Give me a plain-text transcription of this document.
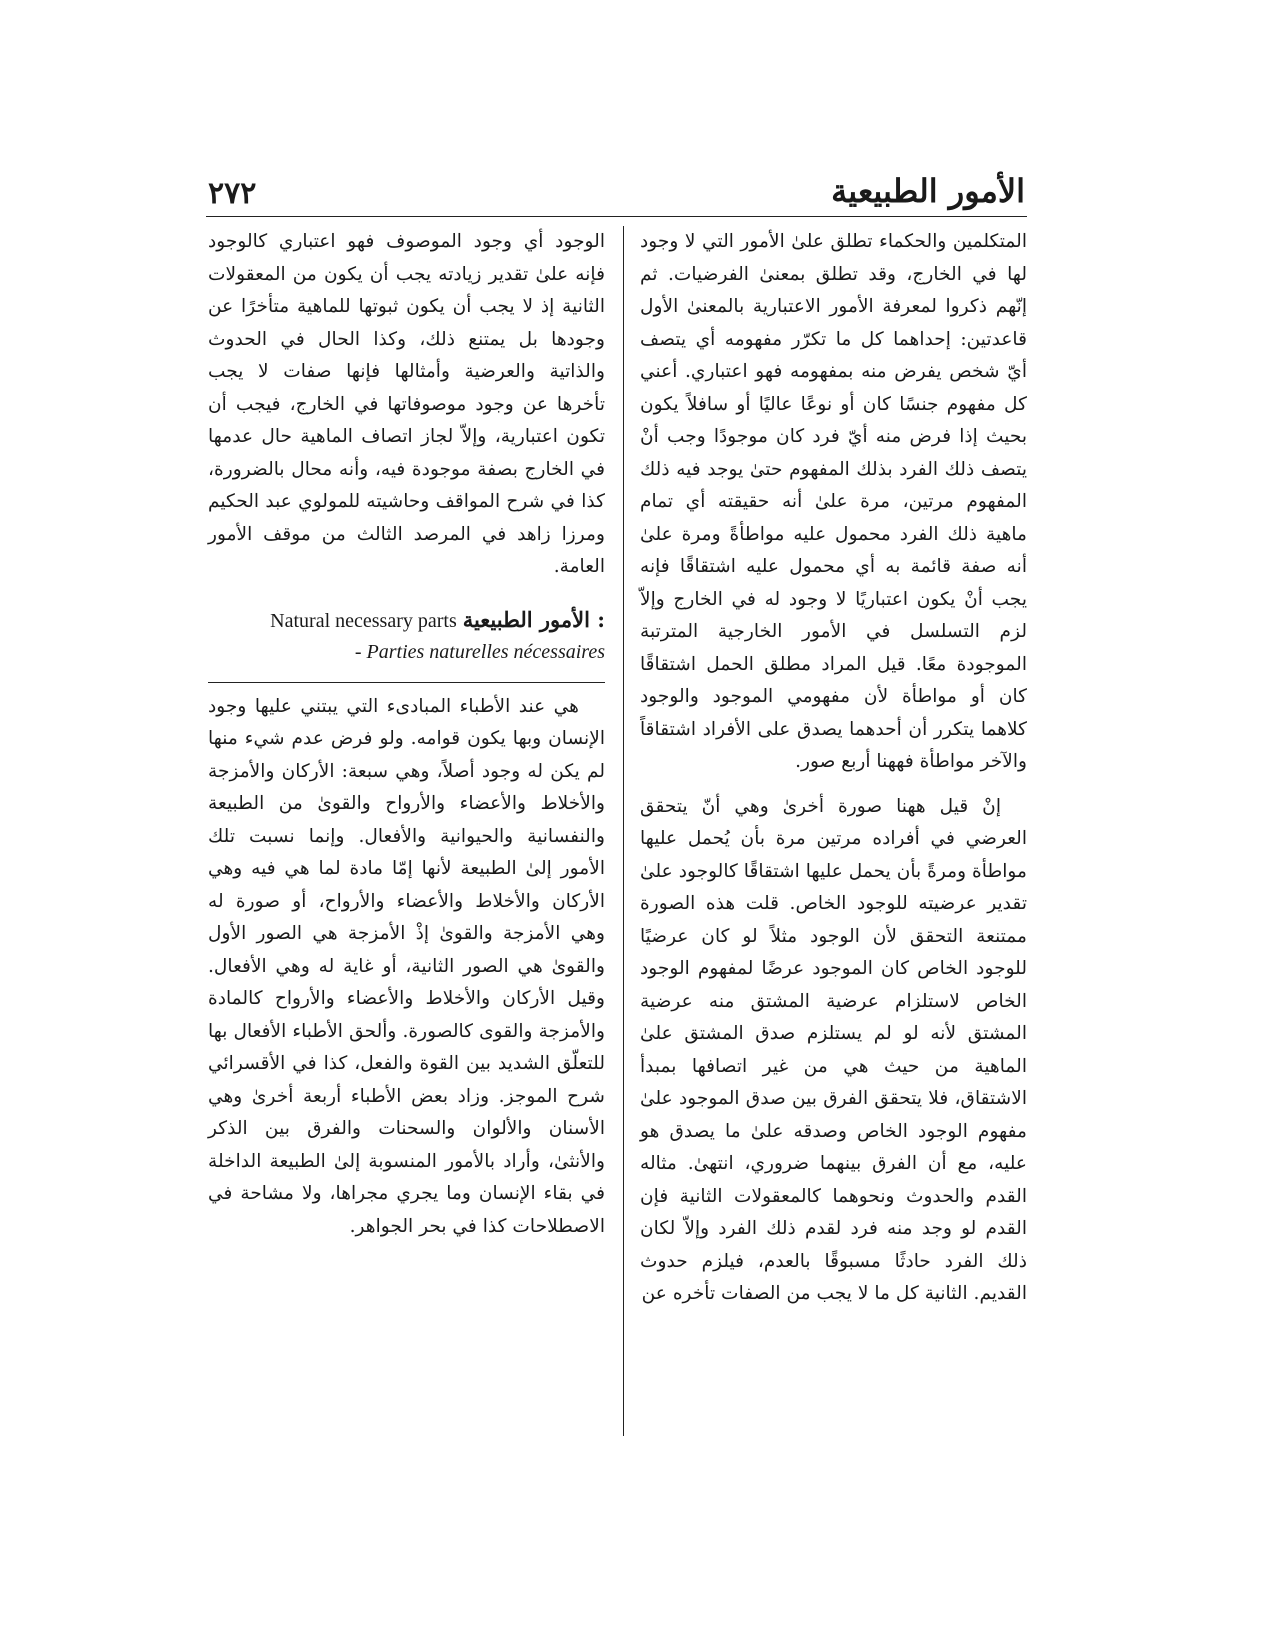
٢٧٢	الأمور الطبيعية

المتكلمين والحكماء تطلق علىٰ الأمور التي لا وجود لها في الخارج، وقد تطلق بمعنىٰ الفرضيات. ثم إنّهم ذكروا لمعرفة الأمور الاعتبارية بالمعنىٰ الأول قاعدتين: إحداهما كل ما تكرّر مفهومه أي يتصف أيّ شخص يفرض منه بمفهومه فهو اعتباري. أعني كل مفهوم جنسًا كان أو نوعًا عاليًا أو سافلاً يكون بحيث إذا فرض منه أيّ فرد كان موجودًا وجب أنْ يتصف ذلك الفرد بذلك المفهوم حتىٰ يوجد فيه ذلك المفهوم مرتين، مرة علىٰ أنه حقيقته أي تمام ماهية ذلك الفرد محمول عليه مواطأةً ومرة علىٰ أنه صفة قائمة به أي محمول عليه اشتقاقًا فإنه يجب أنْ يكون اعتباريًا لا وجود له في الخارج وإلاّ لزم التسلسل في الأمور الخارجية المترتبة الموجودة معًا. قيل المراد مطلق الحمل اشتقاقًا كان أو مواطأة لأن مفهومي الموجود والوجود كلاهما يتكرر أن أحدهما يصدق على الأفراد اشتقاقاً والآخر مواطأة فههنا أربع صور.

إنْ قيل ههنا صورة أخرىٰ وهي أنّ يتحقق العرضي في أفراده مرتين مرة بأن يُحمل عليها مواطأة ومرةً بأن يحمل عليها اشتقاقًا كالوجود علىٰ تقدير عرضيته للوجود الخاص. قلت هذه الصورة ممتنعة التحقق لأن الوجود مثلاً لو كان عرضيًا للوجود الخاص كان الموجود عرضًا لمفهوم الوجود الخاص لاستلزام عرضية المشتق منه عرضية المشتق لأنه لو لم يستلزم صدق المشتق علىٰ الماهية من حيث هي من غير اتصافها بمبدأ الاشتقاق، فلا يتحقق الفرق بين صدق الموجود علىٰ مفهوم الوجود الخاص وصدقه علىٰ ما يصدق هو عليه، مع أن الفرق بينهما ضروري، انتهىٰ. مثاله القدم والحدوث ونحوهما كالمعقولات الثانية فإن القدم لو وجد منه فرد لقدم ذلك الفرد وإلاّ لكان ذلك الفرد حادثًا مسبوقًا بالعدم، فيلزم حدوث القديم. الثانية كل ما لا يجب من الصفات تأخره عن

الوجود أي وجود الموصوف فهو اعتباري كالوجود فإنه علىٰ تقدير زيادته يجب أن يكون من المعقولات الثانية إذ لا يجب أن يكون ثبوتها للماهية متأخرًا عن وجودها بل يمتنع ذلك، وكذا الحال في الحدوث والذاتية والعرضية وأمثالها فإنها صفات لا يجب تأخرها عن وجود موصوفاتها في الخارج، فيجب أن تكون اعتبارية، وإلاّ لجاز اتصاف الماهية حال عدمها في الخارج بصفة موجودة فيه، وأنه محال بالضرورة، كذا في شرح المواقف وحاشيته للمولوي عبد الحكيم ومرزا زاهد في المرصد الثالث من موقف الأمور العامة.

Natural necessary parts الأمور الطبيعية :
- Parties naturelles nécessaires

هي عند الأطباء المبادىء التي يبتني عليها وجود الإنسان وبها يكون قوامه. ولو فرض عدم شيء منها لم يكن له وجود أصلاً، وهي سبعة: الأركان والأمزجة والأخلاط والأعضاء والأرواح والقوىٰ من الطبيعة والنفسانية والحيوانية والأفعال. وإنما نسبت تلك الأمور إلىٰ الطبيعة لأنها إمّا مادة لما هي فيه وهي الأركان والأخلاط والأعضاء والأرواح، أو صورة له وهي الأمزجة والقوىٰ إذْ الأمزجة هي الصور الأول والقوىٰ هي الصور الثانية، أو غاية له وهي الأفعال. وقيل الأركان والأخلاط والأعضاء والأرواح كالمادة والأمزجة والقوى كالصورة. وألحق الأطباء الأفعال بها للتعلّق الشديد بين القوة والفعل، كذا في الأقسرائي شرح الموجز. وزاد بعض الأطباء أربعة أخرىٰ وهي الأسنان والألوان والسحنات والفرق بين الذكر والأنثىٰ، وأراد بالأمور المنسوبة إلىٰ الطبيعة الداخلة في بقاء الإنسان وما يجري مجراها، ولا مشاحة في الاصطلاحات كذا في بحر الجواهر.
